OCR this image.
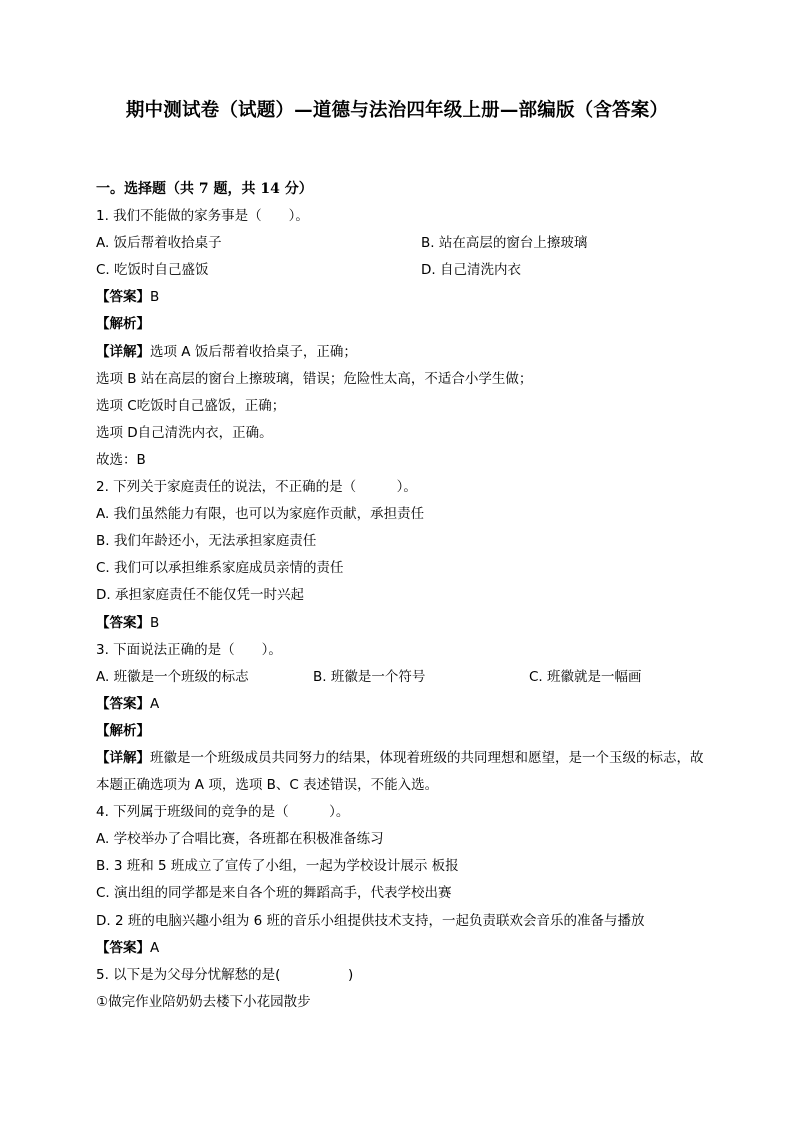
期中测试卷（试题）—道德与法治四年级上册—部编版（含答案）
一。选择题（共 7 题，共 14 分）
1. 我们不能做的家务事是（　　）。
A. 饭后帮着收拾桌子	B. 站在高层的窗台上擦玻璃
C. 吃饭时自己盛饭	D. 自己清洗内衣
【答案】B
【解析】
【详解】选项 A 饭后帮着收拾桌子，正确；
选项 B 站在高层的窗台上擦玻璃，错误；危险性太高，不适合小学生做；
选项 C吃饭时自己盛饭，正确；
选项 D自己清洗内衣，正确。
故选：B
2. 下列关于家庭责任的说法，不正确的是（　　　）。
A. 我们虽然能力有限，也可以为家庭作贡献，承担责任
B. 我们年龄还小，无法承担家庭责任
C. 我们可以承担维系家庭成员亲情的责任
D. 承担家庭责任不能仅凭一时兴起
【答案】B
3. 下面说法正确的是（　　）。
A. 班徽是一个班级的标志	B. 班徽是一个符号	C. 班徽就是一幅画
【答案】A
【解析】
【详解】班徽是一个班级成员共同努力的结果，体现着班级的共同理想和愿望，是一个玉级的标志，故本题正确选项为 A 项，选项 B、C 表述错误，不能入选。
4. 下列属于班级间的竞争的是（　　　）。
A. 学校举办了合唱比赛，各班都在积极准备练习
B. 3 班和 5 班成立了宣传了小组，一起为学校设计展示 板报
C. 演出组的同学都是来自各个班的舞蹈高手，代表学校出赛
D. 2 班的电脑兴趣小组为 6 班的音乐小组提供技术支持，一起负责联欢会音乐的准备与播放
【答案】A
5. 以下是为父母分忧解愁的是(　　　　　)
①做完作业陪奶奶去楼下小花园散步
